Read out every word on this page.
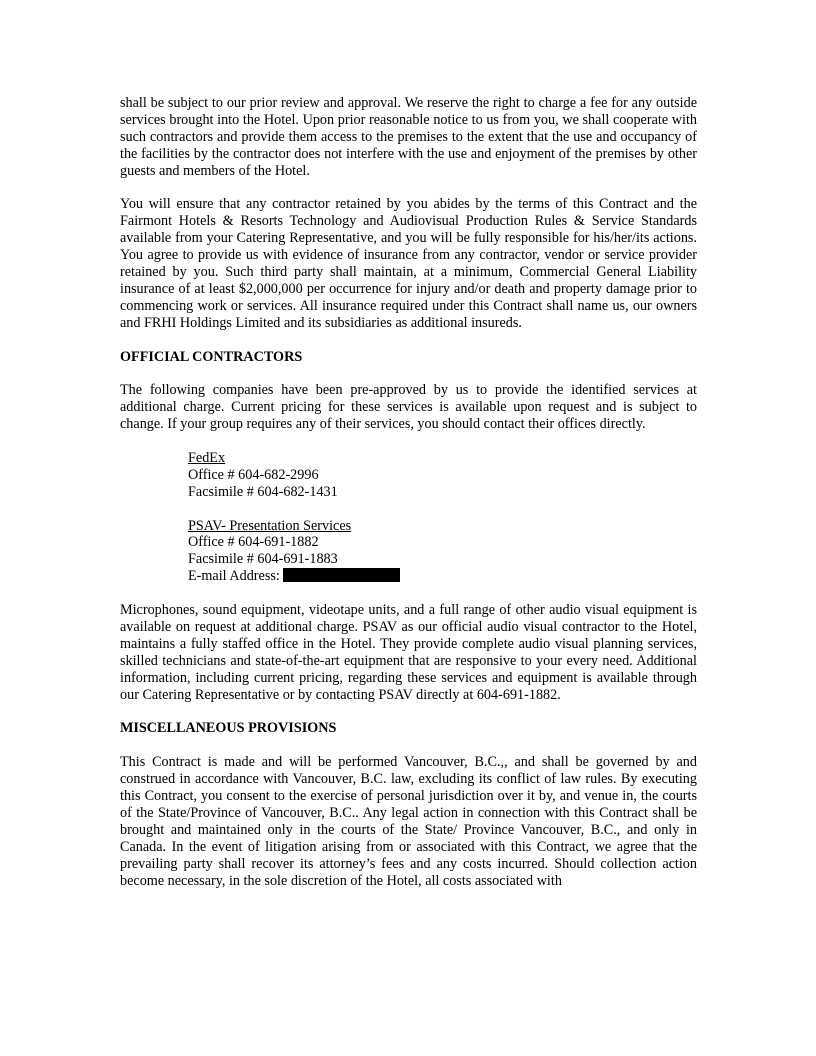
shall be subject to our prior review and approval. We reserve the right to charge a fee for any outside services brought into the Hotel. Upon prior reasonable notice to us from you, we shall cooperate with such contractors and provide them access to the premises to the extent that the use and occupancy of the facilities by the contractor does not interfere with the use and enjoyment of the premises by other guests and members of the Hotel.

You will ensure that any contractor retained by you abides by the terms of this Contract and the Fairmont Hotels & Resorts Technology and Audiovisual Production Rules & Service Standards available from your Catering Representative, and you will be fully responsible for his/her/its actions. You agree to provide us with evidence of insurance from any contractor, vendor or service provider retained by you. Such third party shall maintain, at a minimum, Commercial General Liability insurance of at least $2,000,000 per occurrence for injury and/or death and property damage prior to commencing work or services. All insurance required under this Contract shall name us, our owners and FRHI Holdings Limited and its subsidiaries as additional insureds.

OFFICIAL CONTRACTORS

The following companies have been pre-approved by us to provide the identified services at additional charge. Current pricing for these services is available upon request and is subject to change. If your group requires any of their services, you should contact their offices directly.

FedEx
Office # 604-682-2996
Facsimile # 604-682-1431
PSAV- Presentation Services
Office # 604-691-1882
Facsimile # 604-691-1883
E-mail Address:

Microphones, sound equipment, videotape units, and a full range of other audio visual equipment is available on request at additional charge. PSAV as our official audio visual contractor to the Hotel, maintains a fully staffed office in the Hotel. They provide complete audio visual planning services, skilled technicians and state-of-the-art equipment that are responsive to your every need. Additional information, including current pricing, regarding these services and equipment is available through our Catering Representative or by contacting PSAV directly at 604-691-1882.

MISCELLANEOUS PROVISIONS

This Contract is made and will be performed Vancouver, B.C.,, and shall be governed by and construed in accordance with Vancouver, B.C. law, excluding its conflict of law rules. By executing this Contract, you consent to the exercise of personal jurisdiction over it by, and venue in, the courts of the State/Province of Vancouver, B.C.. Any legal action in connection with this Contract shall be brought and maintained only in the courts of the State/ Province Vancouver, B.C., and only in Canada. In the event of litigation arising from or associated with this Contract, we agree that the prevailing party shall recover its attorney’s fees and any costs incurred. Should collection action become necessary, in the sole discretion of the Hotel, all costs associated with
